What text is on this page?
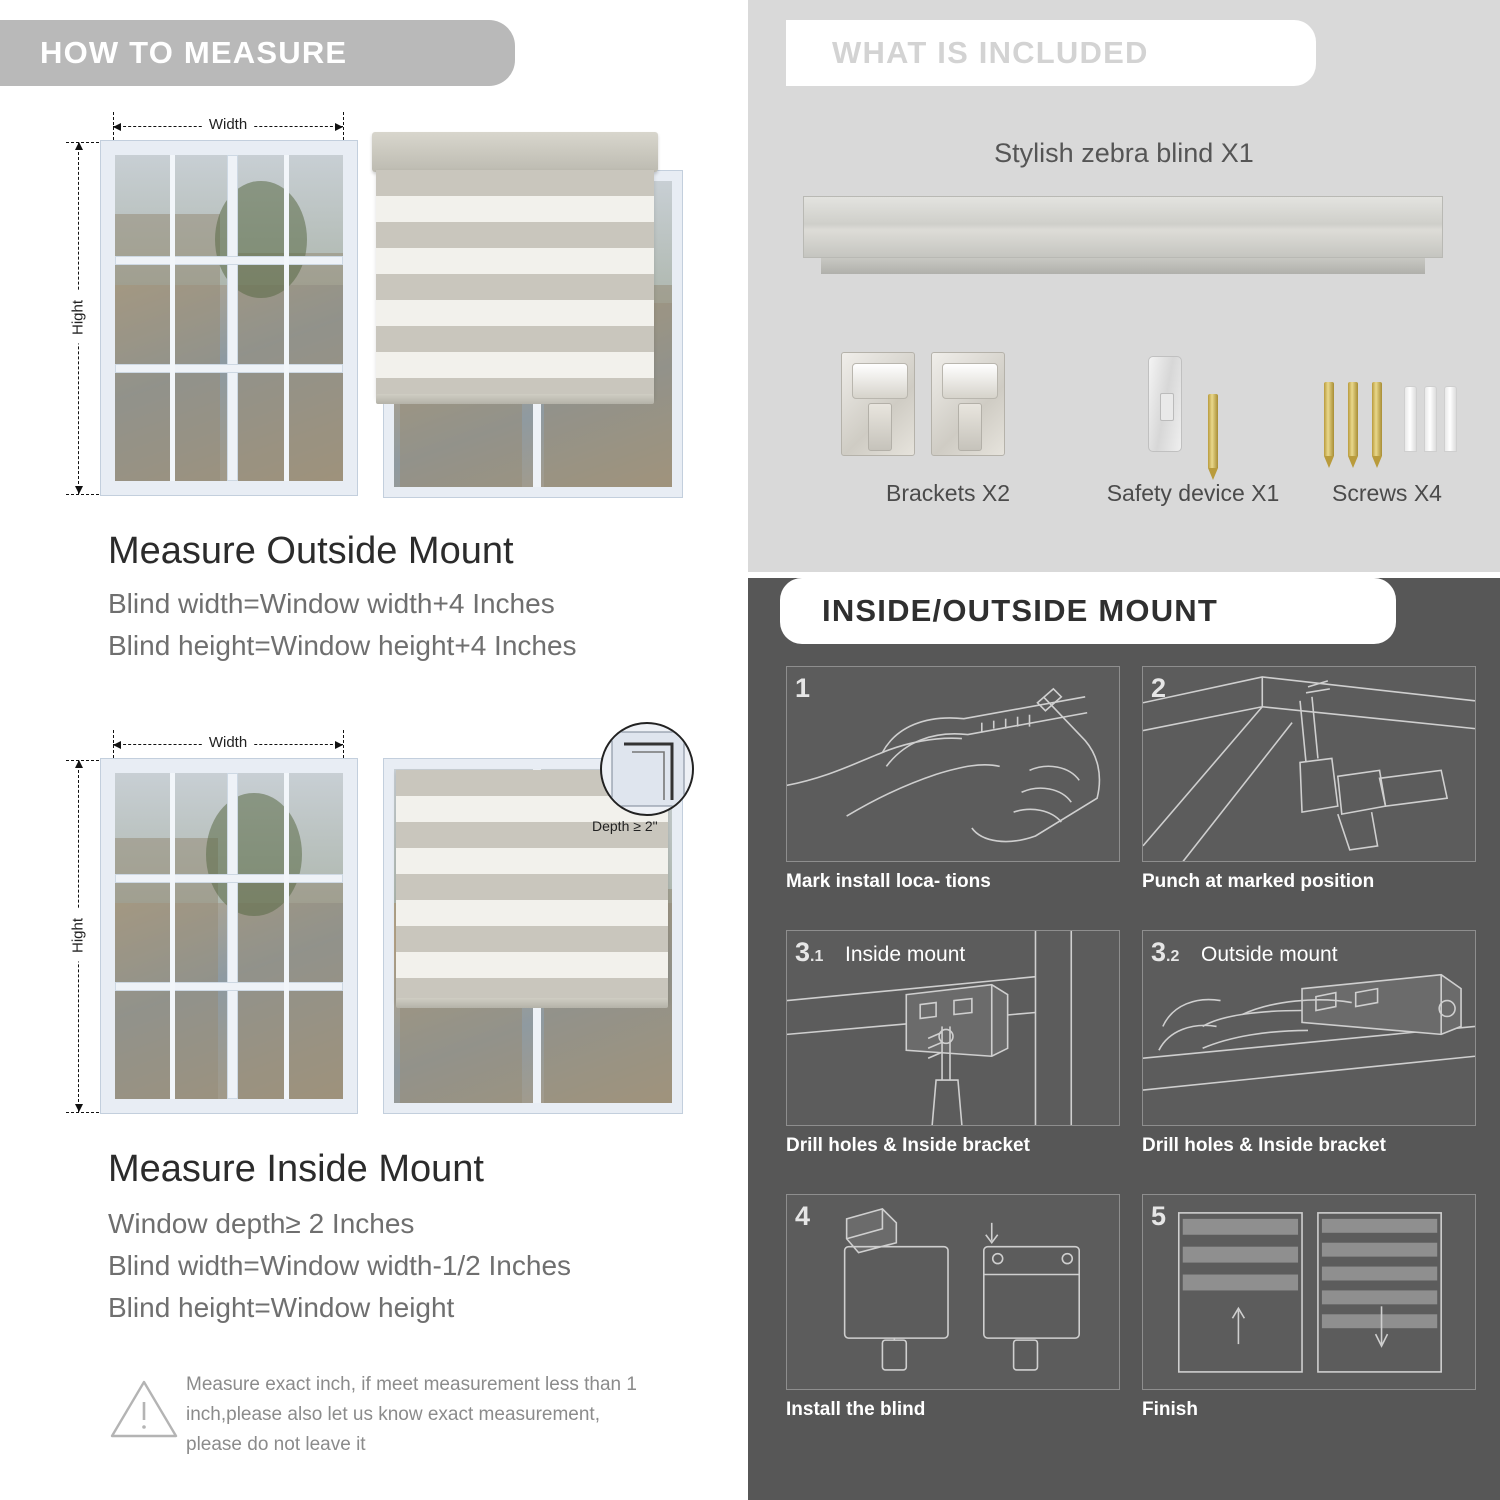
HOW TO MEASURE
Width
Hight
Measure Outside Mount
Blind width=Window width+4 Inches
Blind height=Window height+4 Inches
Width
Hight
Depth ≥ 2"
Measure Inside Mount
Window depth≥ 2 Inches
Blind width=Window width-1/2 Inches
Blind height=Window height
Measure exact inch, if meet measurement less than 1 inch,please also let us know exact measurement, please do not leave it
WHAT IS INCLUDED
Stylish zebra blind X1
Brackets X2	Safety device X1	Screws X4
INSIDE/OUTSIDE MOUNT
1
Mark install loca- tions
2
Punch at marked position
3.1 Inside mount
Drill holes & Inside bracket
3.2 Outside mount
Drill holes & Inside bracket
4
Install the blind
5
Finish
